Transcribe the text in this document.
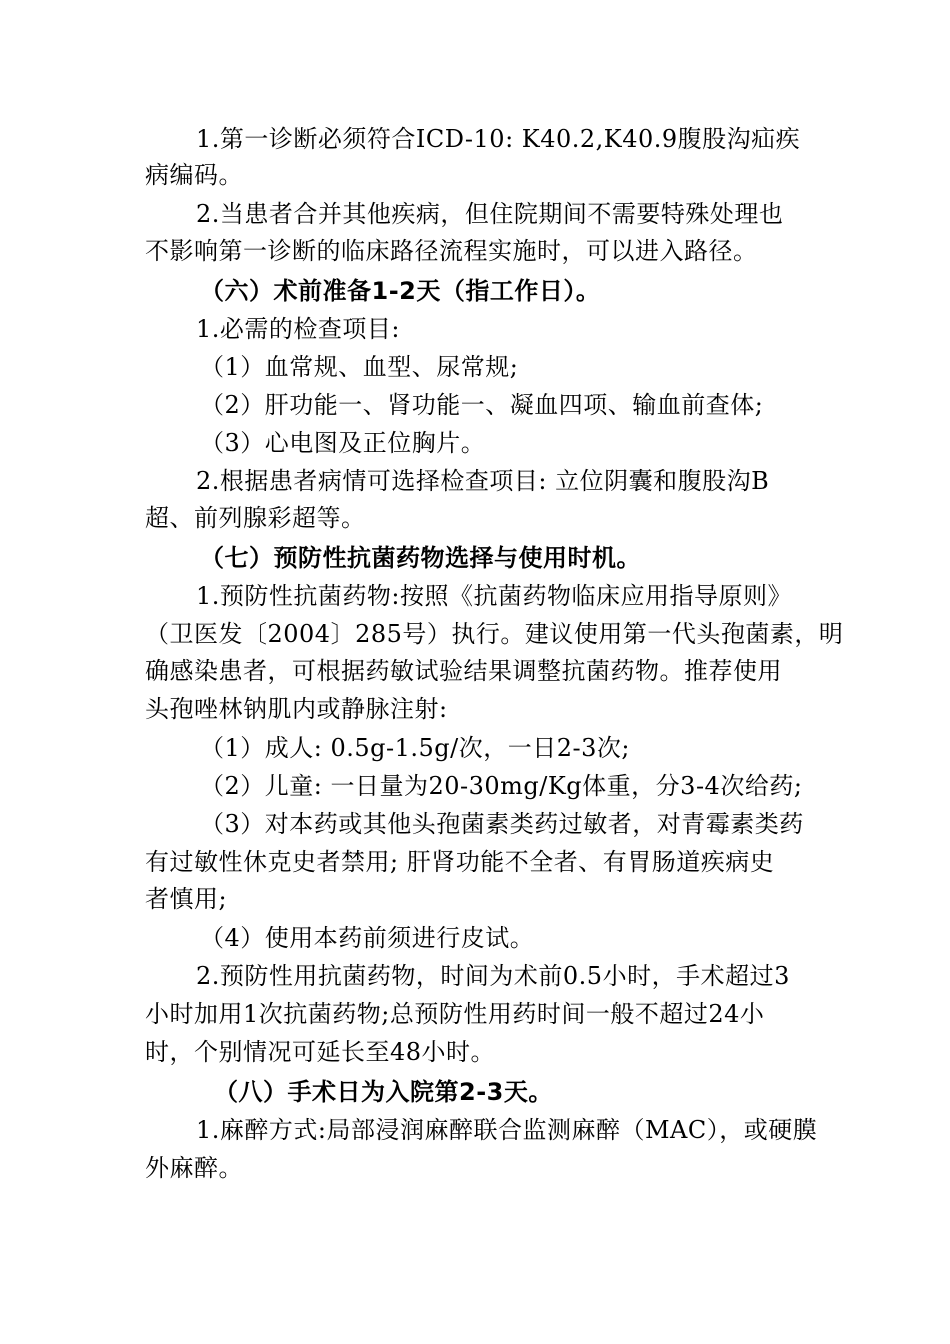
1.第一诊断必须符合ICD-10: K40.2,K40.9腹股沟疝疾
病编码。
2.当患者合并其他疾病，但住院期间不需要特殊处理也
不影响第一诊断的临床路径流程实施时，可以进入路径。
（六）术前准备1-2天（指工作日）。
1.必需的检查项目:
（1）血常规、血型、尿常规;
（2）肝功能一、肾功能一、凝血四项、输血前查体;
（3）心电图及正位胸片。
2.根据患者病情可选择检查项目: 立位阴囊和腹股沟B
超、前列腺彩超等。
（七）预防性抗菌药物选择与使用时机。
1.预防性抗菌药物:按照《抗菌药物临床应用指导原则》
（卫医发〔2004〕285号）执行。建议使用第一代头孢菌素，明
确感染患者，可根据药敏试验结果调整抗菌药物。推荐使用
头孢唑林钠肌内或静脉注射:
（1）成人: 0.5g-1.5g/次，一日2-3次;
（2）儿童: 一日量为20-30mg/Kg体重，分3-4次给药;
（3）对本药或其他头孢菌素类药过敏者，对青霉素类药
有过敏性休克史者禁用; 肝肾功能不全者、有胃肠道疾病史
者慎用;
（4）使用本药前须进行皮试。
2.预防性用抗菌药物，时间为术前0.5小时，手术超过3
小时加用1次抗菌药物;总预防性用药时间一般不超过24小
时，个别情况可延长至48小时。
（八）手术日为入院第2-3天。
1.麻醉方式:局部浸润麻醉联合监测麻醉（MAC），或硬膜
外麻醉。
